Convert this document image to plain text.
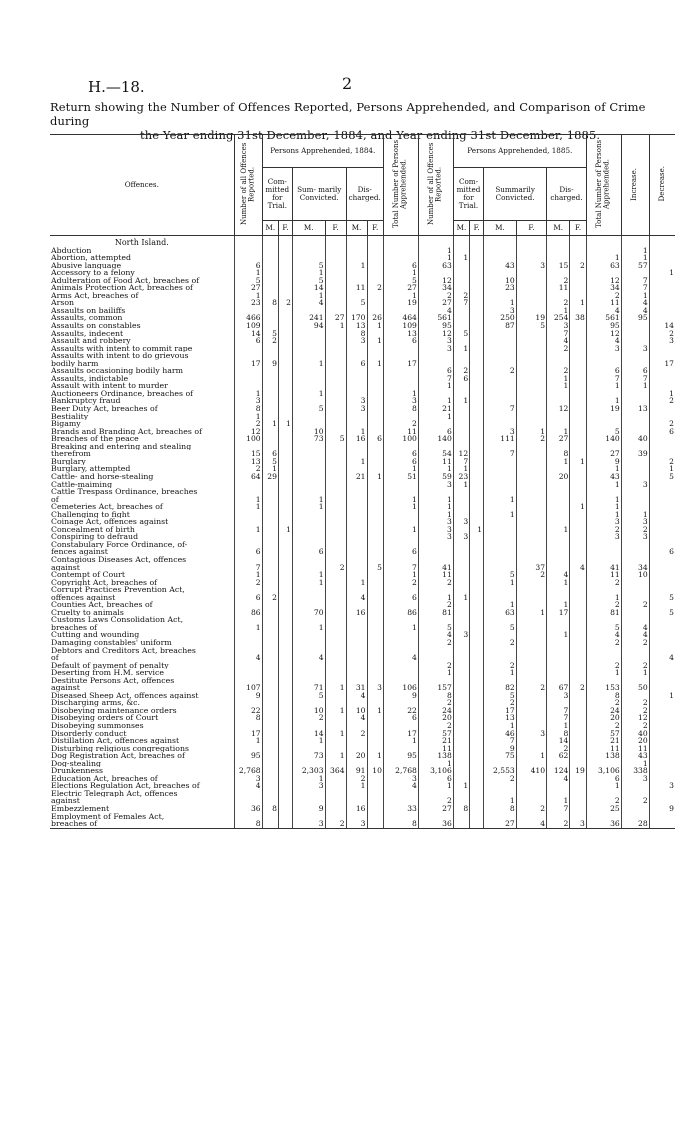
H.—18.	2
Return showing the Number of Offences Reported, Persons Apprehended, and Comparison of Crime during
the Year ending 31st December, 1884, and Year ending 31st December, 1885.
Offences.	Number of all Offences Reported.	Persons Apprehended, 1884.						Total Number of Persons Apprehended.	Number of all Offences Reported.	Persons Apprehended, 1885.						Total Number of Persons Apprehended.	Increase.	Decrease.
		Com- mitted for Trial.		Sum- marily Convicted.		Dis- charged.				Com- mitted for Trial.		Summarily Convicted.		Dis- charged.				
		M.	F.	M.	F.	M.	F.			M.	F.	M.	F.	M.	F.			
North Island.																		
Abduction									1								1	
Abortion, attempted									1	1						1	1	
Abusive language	6			5		1		6	63			43	3	15	2	63	57	
Accessory to a felony	1			1				1										1
Adulteration of Food Act, breaches of	5			5				5	12			10		2		12	7	
Animals Protection Act, breaches of	27			14		11	2	27	34			23		11		34	7	
Arms Act, breaches of	1			1				1	2	2						2	1	
Arson	23	8	2	4		5		19	27	7		1		2	1	11	4	
Assaults on bailiffs									4			3		1		4	4	
Assaults, common	466			241	27	170	26	464	561			250	19	254	38	561	95	
Assaults on constables	109			94	1	13	1	109	95			87	5	3		95		14
Assaults, indecent	14	5				8		13	12	5				7		12		2
Assault and robbery	6	2				3	1	6	3					4		4		3
Assaults with intent to commit rape									3	1				2		3	3	
Assaults with intent to do grievous																		
bodily harm	17	9		1		6	1	17										17
Assaults occasioning bodily harm									6	2		2		2		6	6	
Assaults, indictable									7	6				1		7	7	
Assault with intent to murder									1					1		1	1	
Auctioneers Ordinance, breaches of	1			1				1										1
Bankruptcy fraud	3					3		3	1	1						1		2
Beer Duty Act, breaches of	8			5		3		8	21			7		12		19	13	
Bestiality	1								1									
Bigamy	2	1	1					2										2
Brands and Branding Act, breaches of	12			10		1		11	6			3	1	1		5		6
Breaches of the peace	100			73	5	16	6	100	140			111	2	27		140	40	
Breaking and entering and stealing																		
therefrom	15	6						6	54	12		7		8		27	39	
Burglary	13	5				1		6	11	7				1	1	9		2
Burglary, attempted	2	1						1	1	1						1		1
Cattle- and horse-stealing	64	29				21	1	51	59	23				20		43		5
Cattle-maiming									3	1						1	3	
Cattle Trespass Ordinance, breaches																		
of	1			1				1	1			1				1		
Cemeteries Act, breaches of	1			1				1	1						1	1		
Challenging to fight									1			1				1	1	
Coinage Act, offences against									3	3						3	3	
Concealment of birth	1		1					1	3		1			1		2	2	
Conspiring to defraud									3	3						3	3	
Constabulary Force Ordinance, of-																		
fences against	6			6				6										6
Contagious Diseases Act, offences																		
against	7				2		5	7	41				37		4	41	34	
Contempt of Court	1			1				1	11			5	2	4		11	10	
Copyright Act, breaches of	2			1		1		2	2			1		1		2		
Corrupt Practices Prevention Act,																		
offences against	6	2				4		6	1	1						1		5
Counties Act, breaches of									2			1		1		2	2	
Cruelty to animals	86			70		16		86	81			63	1	17		81		5
Customs Laws Consolidation Act,																		
breaches of	1			1				1	5			5				5	4	
Cutting and wounding									4	3				1		4	4	
Damaging constables' uniform									2			2				2	2	
Debtors and Creditors Act, breaches																		
of	4			4				4										4
Default of payment of penalty									2			2				2	2	
Deserting from H.M. service									1			1				1	1	
Destitute Persons Act, offences																		
against	107			71	1	31	3	106	157			82	2	67	2	153	50	
Diseased Sheep Act, offences against	9			5		4		9	8			5		3		8		1
Discharging arms, &c.									2			2				2	2	
Disobeying maintenance orders	22			10	1	10	1	22	24			17		7		24	2	
Disobeying orders of Court	8			2		4		6	20			13		7		20	12	
Disobeying summonses									2			1		1		2	2	
Disorderly conduct	17			14	1	2		17	57			46	3	8		57	40	
Distillation Act, offences against	1			1				1	21			7		14		21	20	
Disturbing religious congregations									11			9		2		11	11	
Dog Registration Act, breaches of	95			73	1	20	1	95	138			75	1	62		138	43	
Dog-stealing									1								1	
Drunkenness	2,768			2,303	364	91	10	2,768	3,106			2,553	410	124	19	3,106	338	
Education Act, breaches of	3			1		2		3	6			2		4		6	3	
Elections Regulation Act, breaches of	4			3		1		4	1	1						1		3
Electric Telegraph Act, offences																		
against									2			1		1		2	2	
Embezzlement	36	8		9		16		33	27	8		8	2	7		25		9
Employment of Females Act,																		
breaches of	8			3	2	3		8	36			27	4	2	3	36	28	
